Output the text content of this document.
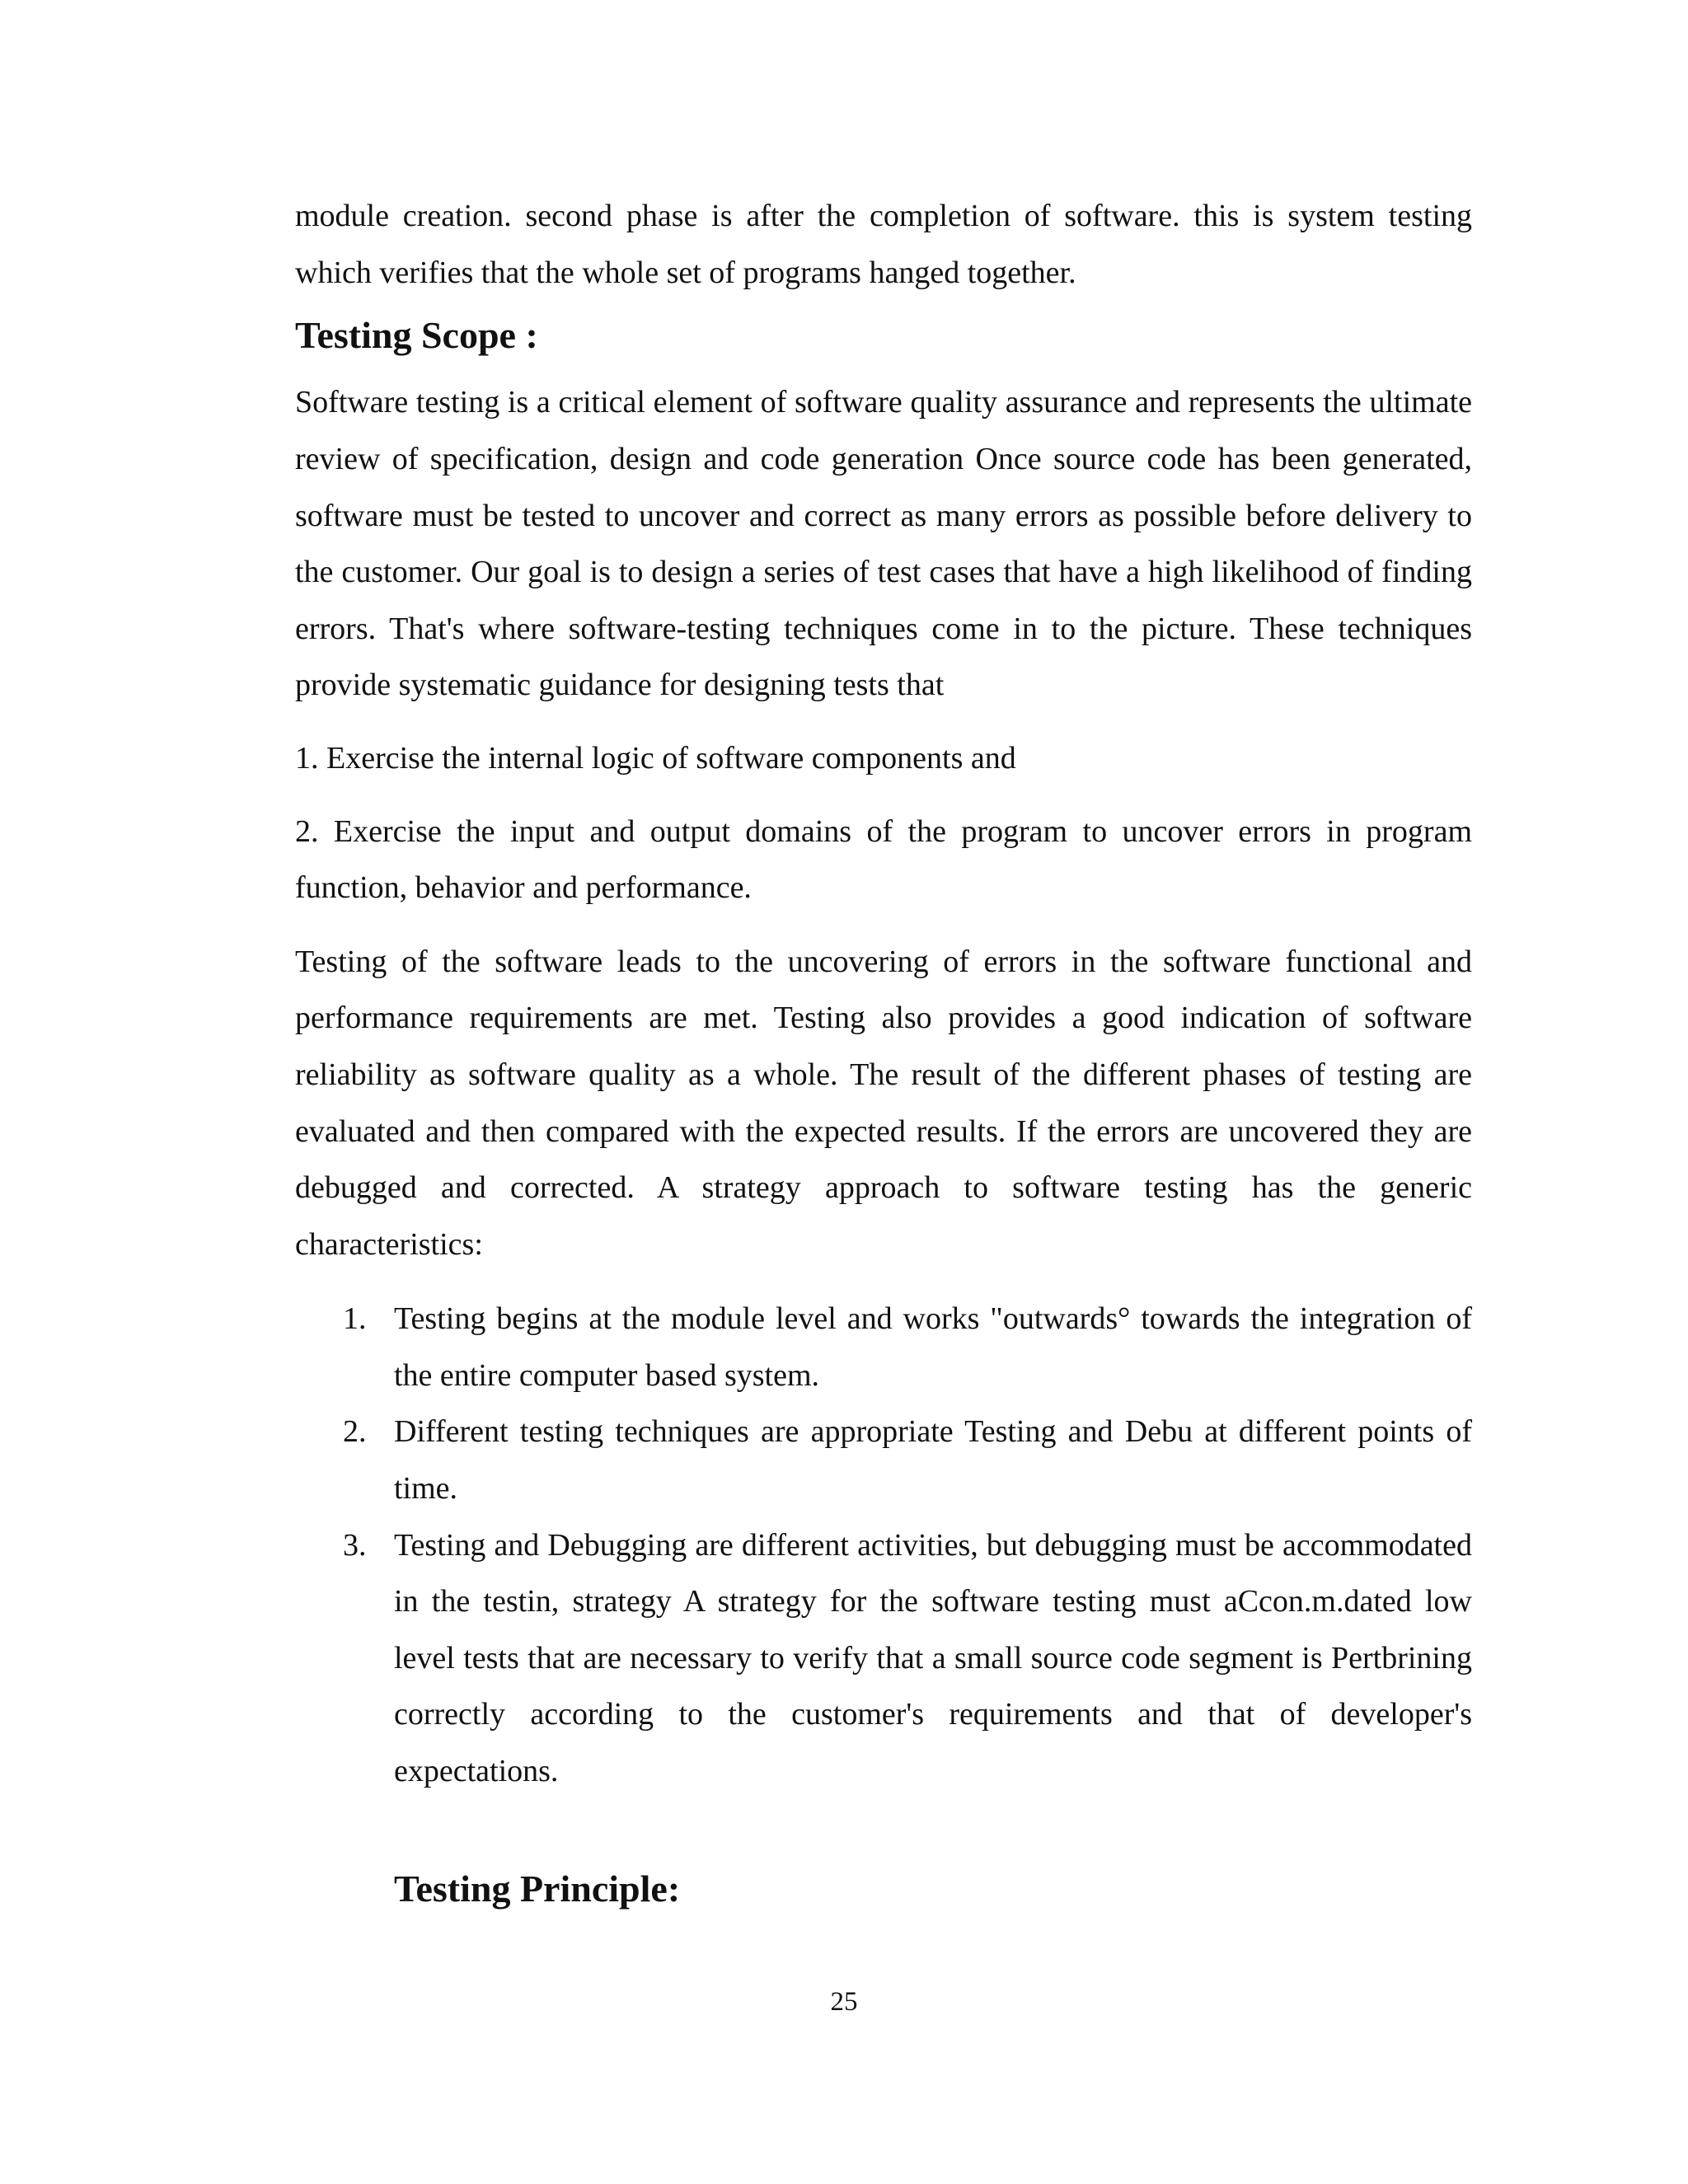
module creation. second phase is after the completion of software. this is system testing which verifies that the whole set of programs hanged together.

Testing Scope :

Software testing is a critical element of software quality assurance and represents the ultimate review of specification, design and code generation Once source code has been generated, software must be tested to uncover and correct as many errors as possible before delivery to the customer. Our goal is to design a series of test cases that have a high likelihood of finding errors. That's where software-testing techniques come in to the picture. These techniques provide systematic guidance for designing tests that

1. Exercise the internal logic of software components and

2. Exercise the input and output domains of the program to uncover errors in program function, behavior and performance.

Testing of the software leads to the uncovering of errors in the software functional and performance requirements are met. Testing also provides a good indication of software reliability as software quality as a whole. The result of the different phases of testing are evaluated and then compared with the expected results. If the errors are uncovered they are debugged and corrected. A strategy approach to software testing has the generic characteristics:

1. Testing begins at the module level and works "outwards° towards the integration of the entire computer based system.
2. Different testing techniques are appropriate Testing and Debu at different points of time.
3. Testing and Debugging are different activities, but debugging must be accommodated in the testin, strategy A strategy for the software testing must aCcon.m.dated low level tests that are necessary to verify that a small source code segment is Pertbrining correctly according to the customer's requirements and that of developer's expectations.
Testing Principle:
25
